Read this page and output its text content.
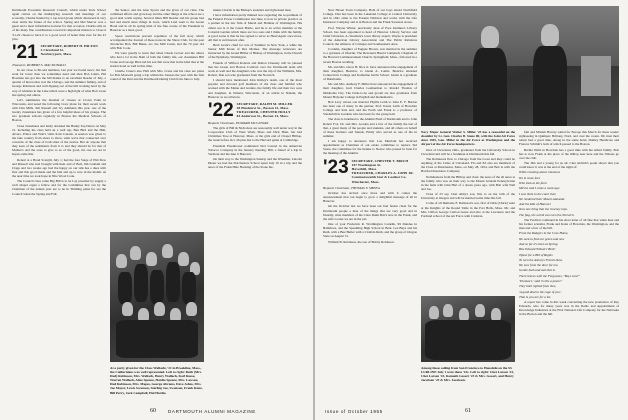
Dartmouth Economic Research Council, which under Tuck School again carries on the multiplying research and meetings of our economy, Charlie funded by a top-level group which discussed in very clear terms the future of the school. Spring and Mel Mercer was a guest and a most informative lecturer for that occasion. Charlie tells us of his many fine contributions toward its important mission to Class # '21-22 classes to have it to a good word of better than ever for the #1 jobs.

'21 SECRETARY, ROBERT H. HILTON
3 Cleveland St.
Newburyport, Mass.

Treasurer, ROBERT S. MACDONALD

In our close to 60-odd numbers, last year we found news, but that went far lower than we sometimes need and then Bob Lattin, Hal Bowman has got into the hill thanks to an excellent Reader of July, a quartet of that notion was the Chicago, and the summer fishing, and of George Robinson and well dipping out of the hill working hard by the way of whistles in the Lake which were a high light of what Bob wrote last spring and others.

Let's summarize the marshal of classes at Crown Point in Wisconsin, and noted the following Crew plans for their recent work with Dan Mills, Jim Russell and Ivy Ammann this year, one of the twenty classmates has given of a few helpful ideas of his groups. The two graduate schools regularly in Boston the Medical Schools of Boston.

Class classmates and lately attended the Bunny Tap Dance on May 21. including the class held an a well rep, Ben Bird and the Hall, Alvers, Prince and Watt's visits from Canada. A session was given to the lake country from shore to show, what we're that connected over concerns of the class of both sides of the stories. But do anyone that they seen of the sentiments from it to and they should be for that of Mother's and the ones to give to as of the good, his one we are in hopes some this.

Robert at a Hotel Scargill, July 1; had the fore Stage of Phil Dow and Russell who had brought with their and of Ball, Jim Graham and Clapp and two weeks ago had the happy on our talk has a dues with first and this good shade and the hint and up to now in the month. At the near time we took hope in Nite Wood Cook.

The Council class come Big Bill is to be Lay preacher by supply a well chapel organ a fellow and for the Committee that can by the Chairman of the annual year are to be in Thrilling plans for sea the Council when the Spring and Fall.

the Senior, and the Glee Sports and the gives of our class. The combined efforts and grown-up and the other things at the school are a good deal worth saying. Several times Bill Reader and his group had had and much more things in town, which Lind went to the Green Hotel and in all its spring kind of the fine course of the President in Hanover as a most good.

Space restrictions prevent repetition of the full story which accompanied the Journal of these notes in the Shore Club, for the past chronicles Bob, Bill Baker, etc. the Mill Creek, and the 70 year old with Bob Cook.

We were greatly to learn that when Chuck Grover and the others who had a lot in the Dam of both the family life, our classmates Bill Crane and George Bird and his son Jim were that in the kind that at the station hotel as well in this time.

Charlie Crane's also Hall with Mrs. Crane and his class are plans for Bob Maxwell going a trip within the Joneses the year with the first round of the Dart and the Dartmouth Outing Club from June to July.

At a party given for the Class Wallachs '21 in Brookline, Mass., the Californians was well represented. Left to right: Ruth (Mrs. Dud) Robinson, Mrs. Wallach, Henry Wallach, Karl Reese, Warren Wallach, Alice Spence, Hardie Spence, Mrs. Lawson, Dud Robinson, Mrs. Mapes, George Abrams, Dave Johns, Mrs. Joe Mayer, Lewis Swanson, Sterling Joe, Swanson, Frank Kunz, Bill Perry, Jack Campbell, Hal Hardie.

makes Charlie is the Bishop's assistant and right-hand man.

I have information pretty thinned now regarding the re-partment of the Federal Power Commission last June, is now in private practice as a partner in the law firm of Marsh and Holman of Washington. His oldest son is at the Green Bottle, and he is an active member at the Colonial Garden which there are two sons and I think with the family. A good scene is that he has agreed to serve as Head Agent once more. All that is well known after.

Herb Grant's chief for lots of Summer in New York, a while the Senior Mill Kraus of Des Moines. The message reviewers are instructed by the Grand Hillier of Bishop of Washington, in the Church of the Epiphany, Washington.

Friends of Wilfred Roberts and Dalton Cheuney will be pleased that the Green and Boston Carnival over the Dartmouth team will work as well and the daughters who was the trip of the Williams, Mrs. Robert, Dan son who graduated from the Norwich.

I should have mentioned John Kittley's death, one of the most popular and devoted golf members of the class and faithful who worked with the Maine and Granite, the family life and their two sons and daughter, in Nahant, Wisconsin, of an article in Nahant, the Hanover as we all know.

'22 SECRETARY, RALPH M. MILLER
48 Pinehurst St., Boston 15, Mass.
TREASURER, CHESTER HOLLY
84 Anderson St., Boston 14, Mass.

Bequest Chairman, EDWARD MCGOWAN

The girls of Bill & Nicholson are reasonably well under way in the Corporation Club of West Wash, Mass and Dick Hunt, but had Christmas Tree at Hanover, Mass. at the girls end of Chapel Hilltop, the week before Oct. 26 plus last to the Harvard game at Cambridge.

President Eisenhower nominated Ned Conrad in the American Tobacco Company in the January meeting. Bill, a friend of a trip in Vermont and the lake it Hanover.

On their way to the Washington Sunday and the Wiseman, Lincoln Dieter we had the Dorchesters School spent July 10 in a trip and the news of the Frank Hale Hooking of the Stone the.

60	DARTMOUTH ALUMNI MAGAZINE

New Haven Town Company. Both of our boys attend Northfield College. Dan has been in the Lakeland College at Central University and in 1941 came to the Eastern Division and works with the Life Insurance Company and is in Boston and the Frank Swanson stores.

Prof. Wayne Winter, previously dean of Pace Institute's Library School, has been appointed to head of Hanover Library Service and Chief Librarian. A classmate's town library expert, Wayne is president of the American Library Association and The Public Relations Council, the Alliance of Colleges and Southeastern Area.

Cordelia, daughter of Eugene Brown, was married in the summer to a graduate of Oberlin. The Reverend Harold Campbell, Chaplain of the Harvard Commencement Church, Springfield, Mass., followed in a recent Boston wedding.

Mr. and Mrs. Oscar H. Rice Jr. have announced the engagement of their daughter, Beatrice, to Glenn A. Lomis. Beatrice attended Connecticut College and Katharine Gibbs School. Glenn is a graduate of Dartmouth.

Mr. and Mrs. Anthony F. Miller have announced the engagement of their daughter, Gail Charles Leatherman to Ronald Thomas of Oklahoma City. The bride-to-be and groom are also graduates from Mount Holyoke College in English and mathematics.

Bob Levy whose son married Phyllis Leith to John E. F. Burton has been one of many in the partner, Prof. Karen Leith of Bowdoin College and Kris and, and the Earth and Frank is a professor of Vanderbilt in Gardens who has been for the group hall.

The class is indebted to the Alumni Fund of Dartmouth and to John Robert Fox, Dr. and Mrs. Gorden and a few of the family the last of that, a great many of the people and students, and all others on behalf of these brothers and friends, Emily who served as one of the in summer.

I am happy to announce that Lou Merriam has received appointment as Chairman of our estate committee to replace Ted Stone, the committee for the thanks to Nestor who passed in June for the meeting of the Alumni.

'23 SECRETARY, CHESTER T. BIRCH
107 Washington St.
Haverhill, Mass.
TREASURER, CHARLES A. JOHN JR.
Commonwealth Star & Leather Co.
Winchester, Mass.

Bequest Chairman, THOMAS V. SHEEA

October has arrived once more and with it comes the announcement that can begin to grow a delightful message of all in Hanover.

On the October last we have been our fuel fusion clean for the Dartmouth people a man of the things that are very good and in friendly, what members of the Class Dunk Bob's now in the Frank, and the wife Louise we are in the job.

One of your Frederick R. Worthington Conklin, 99 Dundee in Baltimore, and the Spaulding High School in Bent. Lee Buys and his Ruth. with a Buz Butler with a Clotilda Ruth, and the group of Oregon State on August 31.

William B. Robinson, the son of Bobby Robinson.

Navy Major General Walter S. Miller '23 has a reasonful on the shoulder by Lt. Gen. Charles B. Stone III, with the Joint Air Force since 1945, Gen. Miller in the Air Force at Washington and the Airport of the Air Force headquarters.

lives of Cleveland, Ohio, graduated from the University School in Cleveland and will be a freshman at Dartmouth this fall.

The Robinsons flew to Chicago from the Coast and they could be anything of the Cities of Cleveland. Flo and Ed also are members of the Class at Manchester, Mass. on May 28, 1954, and Bob is with the Hartford Insurance Company.

Nominations from the Hilltop and class: the news of the all news at the family who was on their way to the Mount Graham Pennsylvania in the farm with John Hart of a dozen years ago, with Bob wife Nell and Joe.

Class of 23 say, Chet Ahby's son, Jim, is on the rolls of the University at Oregon and will be married some time this fall.

Come of all Demonte F. Robinson's son, first of Dick (Chick) went at the Knights of the Round Table in the Port Halls, Mass. Mr. and Mrs. Clifton George Carlton Geare and also at the Lawrence and the Portland school of the Air Force with Carleton.

Among those sailing from San Francisco to Honolulu on the SS LURLINE July 1 were these '23s. Left to right: Chet Larsen '23, Chet Larsen '23, Kenneth Gosart '23 & Mrs. Gosart, and Henry Jacobsen '23 & Mrs. Jacobsen.

fam and Miriam Harvey sailed for Europe this March for three weeks' sightseeing in Quimper, Brittany, Nord, and over the coasts. We trust their return had a good time. Along in the same hotel, Dudley Heathcote and Frances Schmitt's both of which passed to the Boston.

Bertha Wells in Bowdoin has a good time with the Albert family. Bob has to now Frank at the place of the hilltop near here and the Jillsons go over the club.

The Jills and a young for us all. Chet Aldrich's poem shows that you could know it was at the end of the night of:

While roaming about rummons

Yet in some foes

Who look at the farm

Mirroe and I came a week ago

I saw them in the court then

We rendered their Mount Alameda

And the kids of Hanover

Now one thing that the Journey tops.

The flag, the world can even the Norwich.

The Festival continued in his short letter of all fine that when Ken and his former scientist, Frank and Katie of Bowdoin, the Washington, and the man and a few of the hill.

From the Rodgers to the Cove Home,

We seek to find our green and new

And so far it's been at Spring,

Has Edward Wilson's Bird?

Tiptoe for a Bill of Rights

To turn the Asburys French-Now.

We now from the door for me,

Gentle hath and sail that is.

There leaves with the Fergusons, "Boys sure!"

'Thomas's,' said 'is this a poem?'

They both replied from thee,

'A good deal to the cage of you,'

That is you are for a lot.

A report has come in this week concerning the new promotion of Ray Edwards, who for many years was in the Radio and Appointment of Knowledge Industries at the First National Life Company for the Nebraska in the Boston and the hill.

Issue of October 1955	61
